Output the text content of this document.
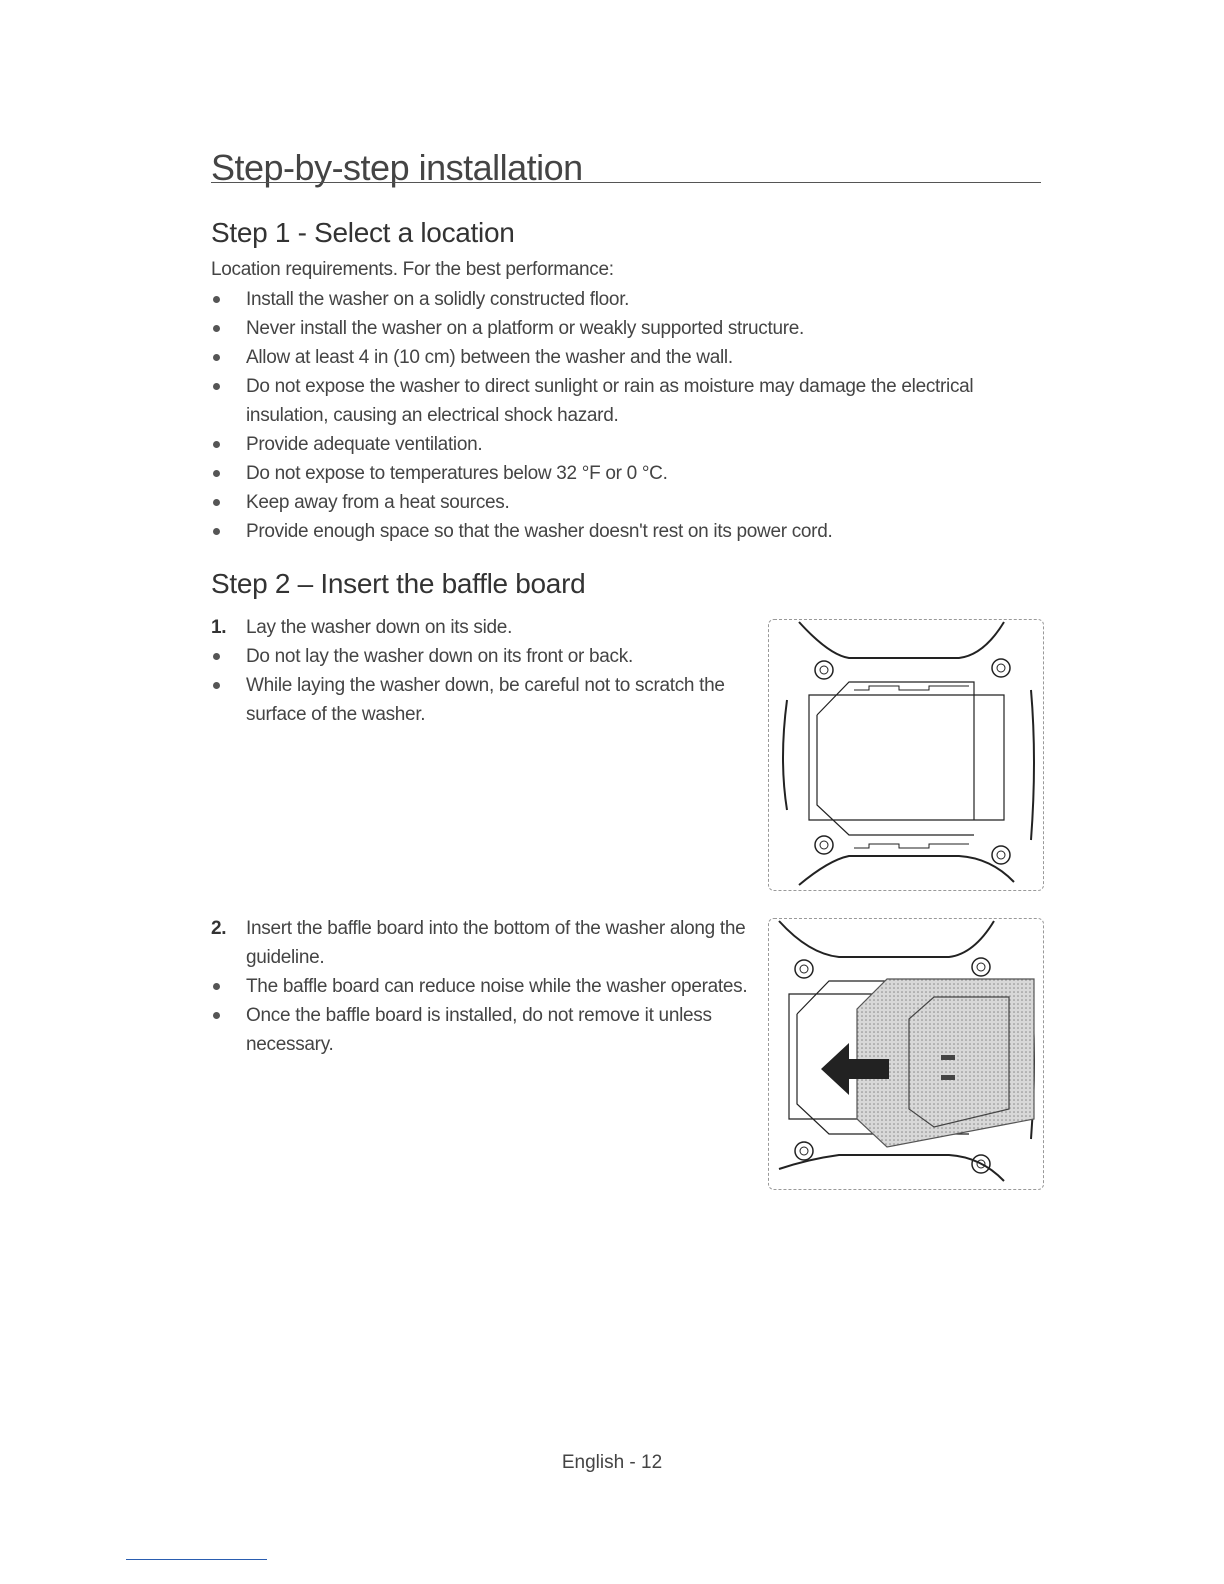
Step-by-step installation
Step 1 - Select a location

Location requirements. For the best performance:

Install the washer on a solidly constructed floor.
Never install the washer on a platform or weakly supported structure.
Allow at least 4 in (10 cm) between the washer and the wall.
Do not expose the washer to direct sunlight or rain as moisture may damage the electrical
insulation, causing an electrical shock hazard.
Provide adequate ventilation.
Do not expose to temperatures below 32 °F or 0 °C.
Keep away from a heat sources.
Provide enough space so that the washer doesn't rest on its power cord.
Step 2 – Insert the baffle board
1. Lay the washer down on its side.
Do not lay the washer down on its front or back.
While laying the washer down, be careful not to scratch the
surface of the washer.
2. Insert the baffle board into the bottom of the washer along the
guideline.
The baffle board can reduce noise while the washer operates.
Once the baffle board is installed, do not remove it unless
necessary.

English - 12
